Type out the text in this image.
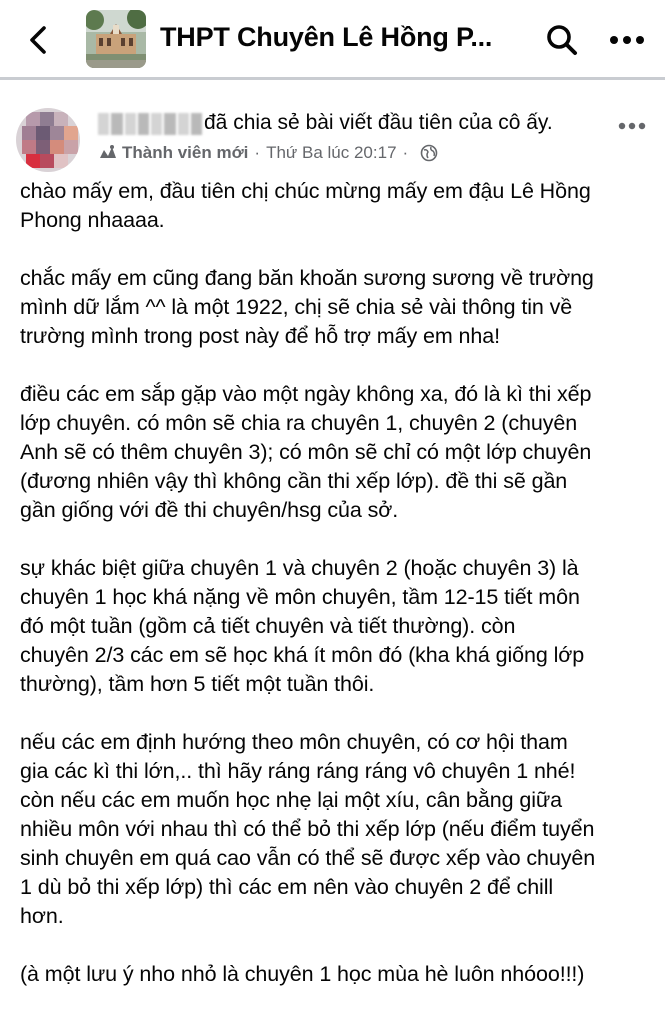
THPT Chuyên Lê Hồng P...
đã chia sẻ bài viết đầu tiên của cô ấy.
Thành viên mới · Thứ Ba lúc 20:17 ·

chào mấy em, đầu tiên chị chúc mừng mấy em đậu Lê Hồng
Phong nhaaaa.

chắc mấy em cũng đang băn khoăn sương sương về trường
mình dữ lắm ^^ là một 1922, chị sẽ chia sẻ vài thông tin về
trường mình trong post này để hỗ trợ mấy em nha!

điều các em sắp gặp vào một ngày không xa, đó là kì thi xếp
lớp chuyên. có môn sẽ chia ra chuyên 1, chuyên 2 (chuyên
Anh sẽ có thêm chuyên 3); có môn sẽ chỉ có một lớp chuyên
(đương nhiên vậy thì không cần thi xếp lớp). đề thi sẽ gần
gần giống với đề thi chuyên/hsg của sở.

sự khác biệt giữa chuyên 1 và chuyên 2 (hoặc chuyên 3) là
chuyên 1 học khá nặng về môn chuyên, tầm 12-15 tiết môn
đó một tuần (gồm cả tiết chuyên và tiết thường). còn
chuyên 2/3 các em sẽ học khá ít môn đó (kha khá giống lớp
thường), tầm hơn 5 tiết một tuần thôi.

nếu các em định hướng theo môn chuyên, có cơ hội tham
gia các kì thi lớn,.. thì hãy ráng ráng ráng vô chuyên 1 nhé!
còn nếu các em muốn học nhẹ lại một xíu, cân bằng giữa
nhiều môn với nhau thì có thể bỏ thi xếp lớp (nếu điểm tuyển
sinh chuyên em quá cao vẫn có thể sẽ được xếp vào chuyên
1 dù bỏ thi xếp lớp) thì các em nên vào chuyên 2 để chill
hơn.

(à một lưu ý nho nhỏ là chuyên 1 học mùa hè luôn nhóoo!!!)
